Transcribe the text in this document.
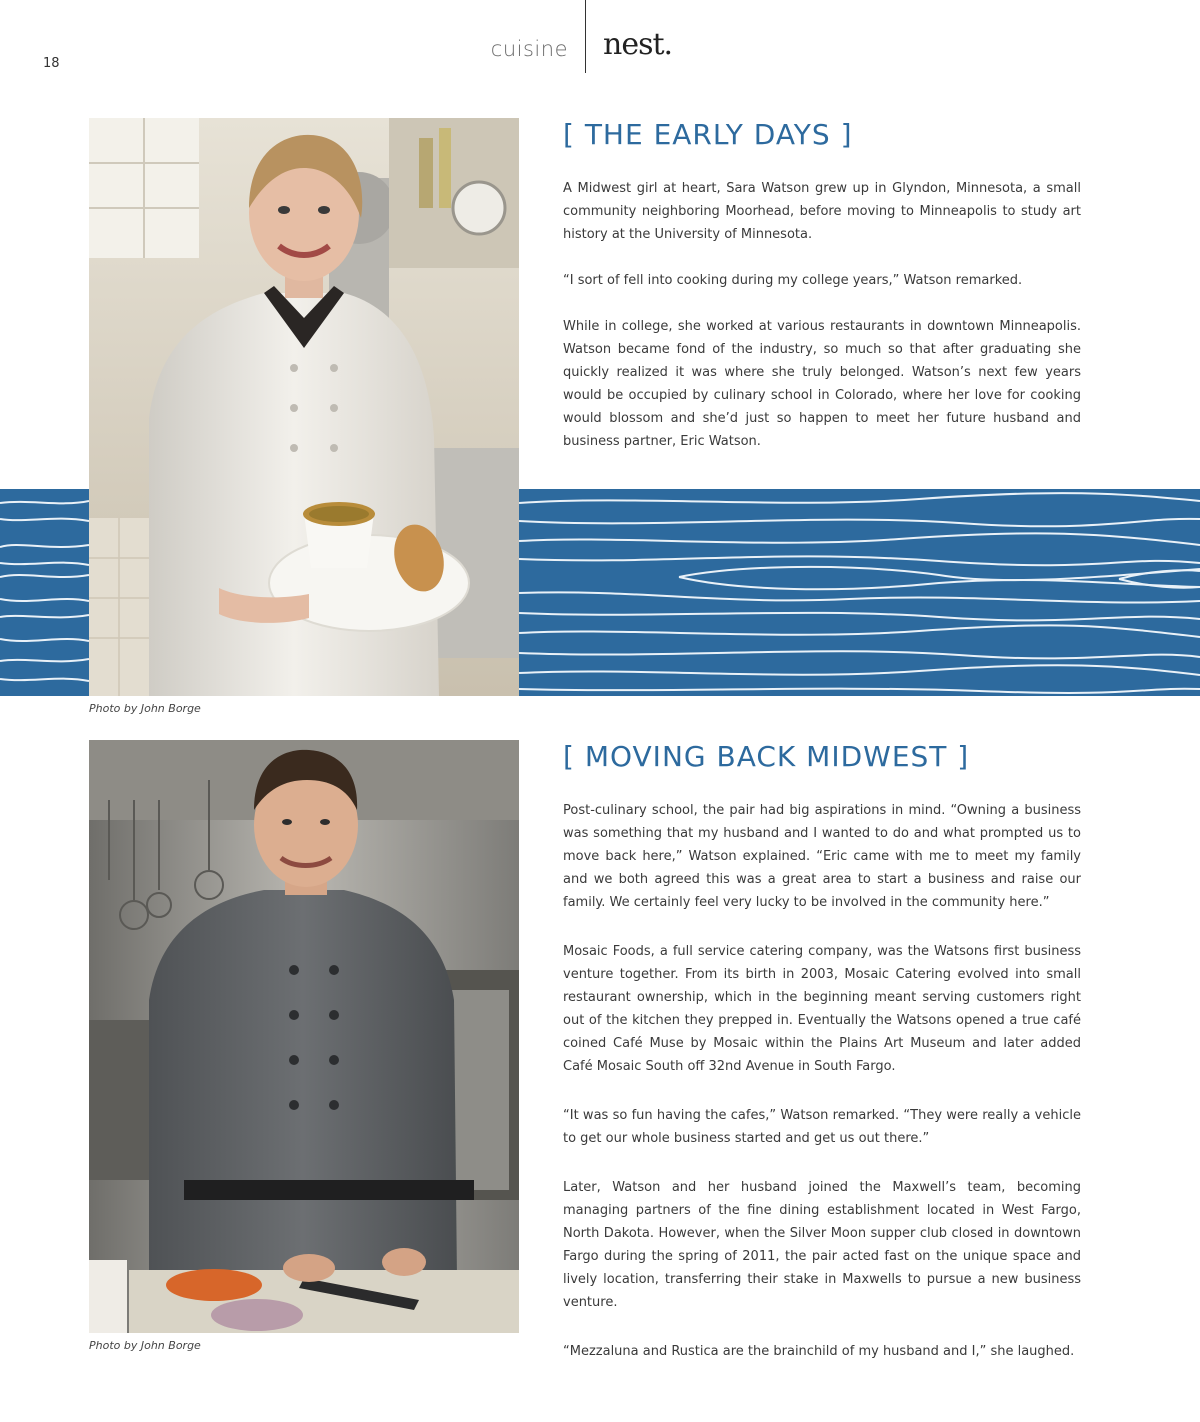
18
cuisine nest.
Photo by John Borge
[ THE EARLY DAYS ]

A Midwest girl at heart, Sara Watson grew up in Glyndon, Minnesota, a small community neighboring Moorhead, before moving to Minneapolis to study art history at the University of Minnesota.

“I sort of fell into cooking during my college years,” Watson remarked.

While in college, she worked at various restaurants in downtown Minneapolis. Watson became fond of the industry, so much so that after graduating she quickly realized it was where she truly belonged. Watson’s next few years would be occupied by culinary school in Colorado, where her love for cooking would blossom and she’d just so happen to meet her future husband and business partner, Eric Watson.

Photo by John Borge
[ MOVING BACK MIDWEST ]

Post-culinary school, the pair had big aspirations in mind. “Owning a business was something that my husband and I wanted to do and what prompted us to move back here,” Watson explained. “Eric came with me to meet my family and we both agreed this was a great area to start a business and raise our family. We certainly feel very lucky to be involved in the community here.”

Mosaic Foods, a full service catering company, was the Watsons first business venture together. From its birth in 2003, Mosaic Catering evolved into small restaurant ownership, which in the beginning meant serving customers right out of the kitchen they prepped in. Eventually the Watsons opened a true café coined Café Muse by Mosaic within the Plains Art Museum and later added Café Mosaic South off 32nd Avenue in South Fargo.

“It was so fun having the cafes,” Watson remarked. “They were really a vehicle to get our whole business started and get us out there.”

Later, Watson and her husband joined the Maxwell’s team, becoming managing partners of the fine dining establishment located in West Fargo, North Dakota. However, when the Silver Moon supper club closed in downtown Fargo during the spring of 2011, the pair acted fast on the unique space and lively location, transferring their stake in Maxwells to pursue a new business venture.

“Mezzaluna and Rustica are the brainchild of my husband and I,” she laughed.
